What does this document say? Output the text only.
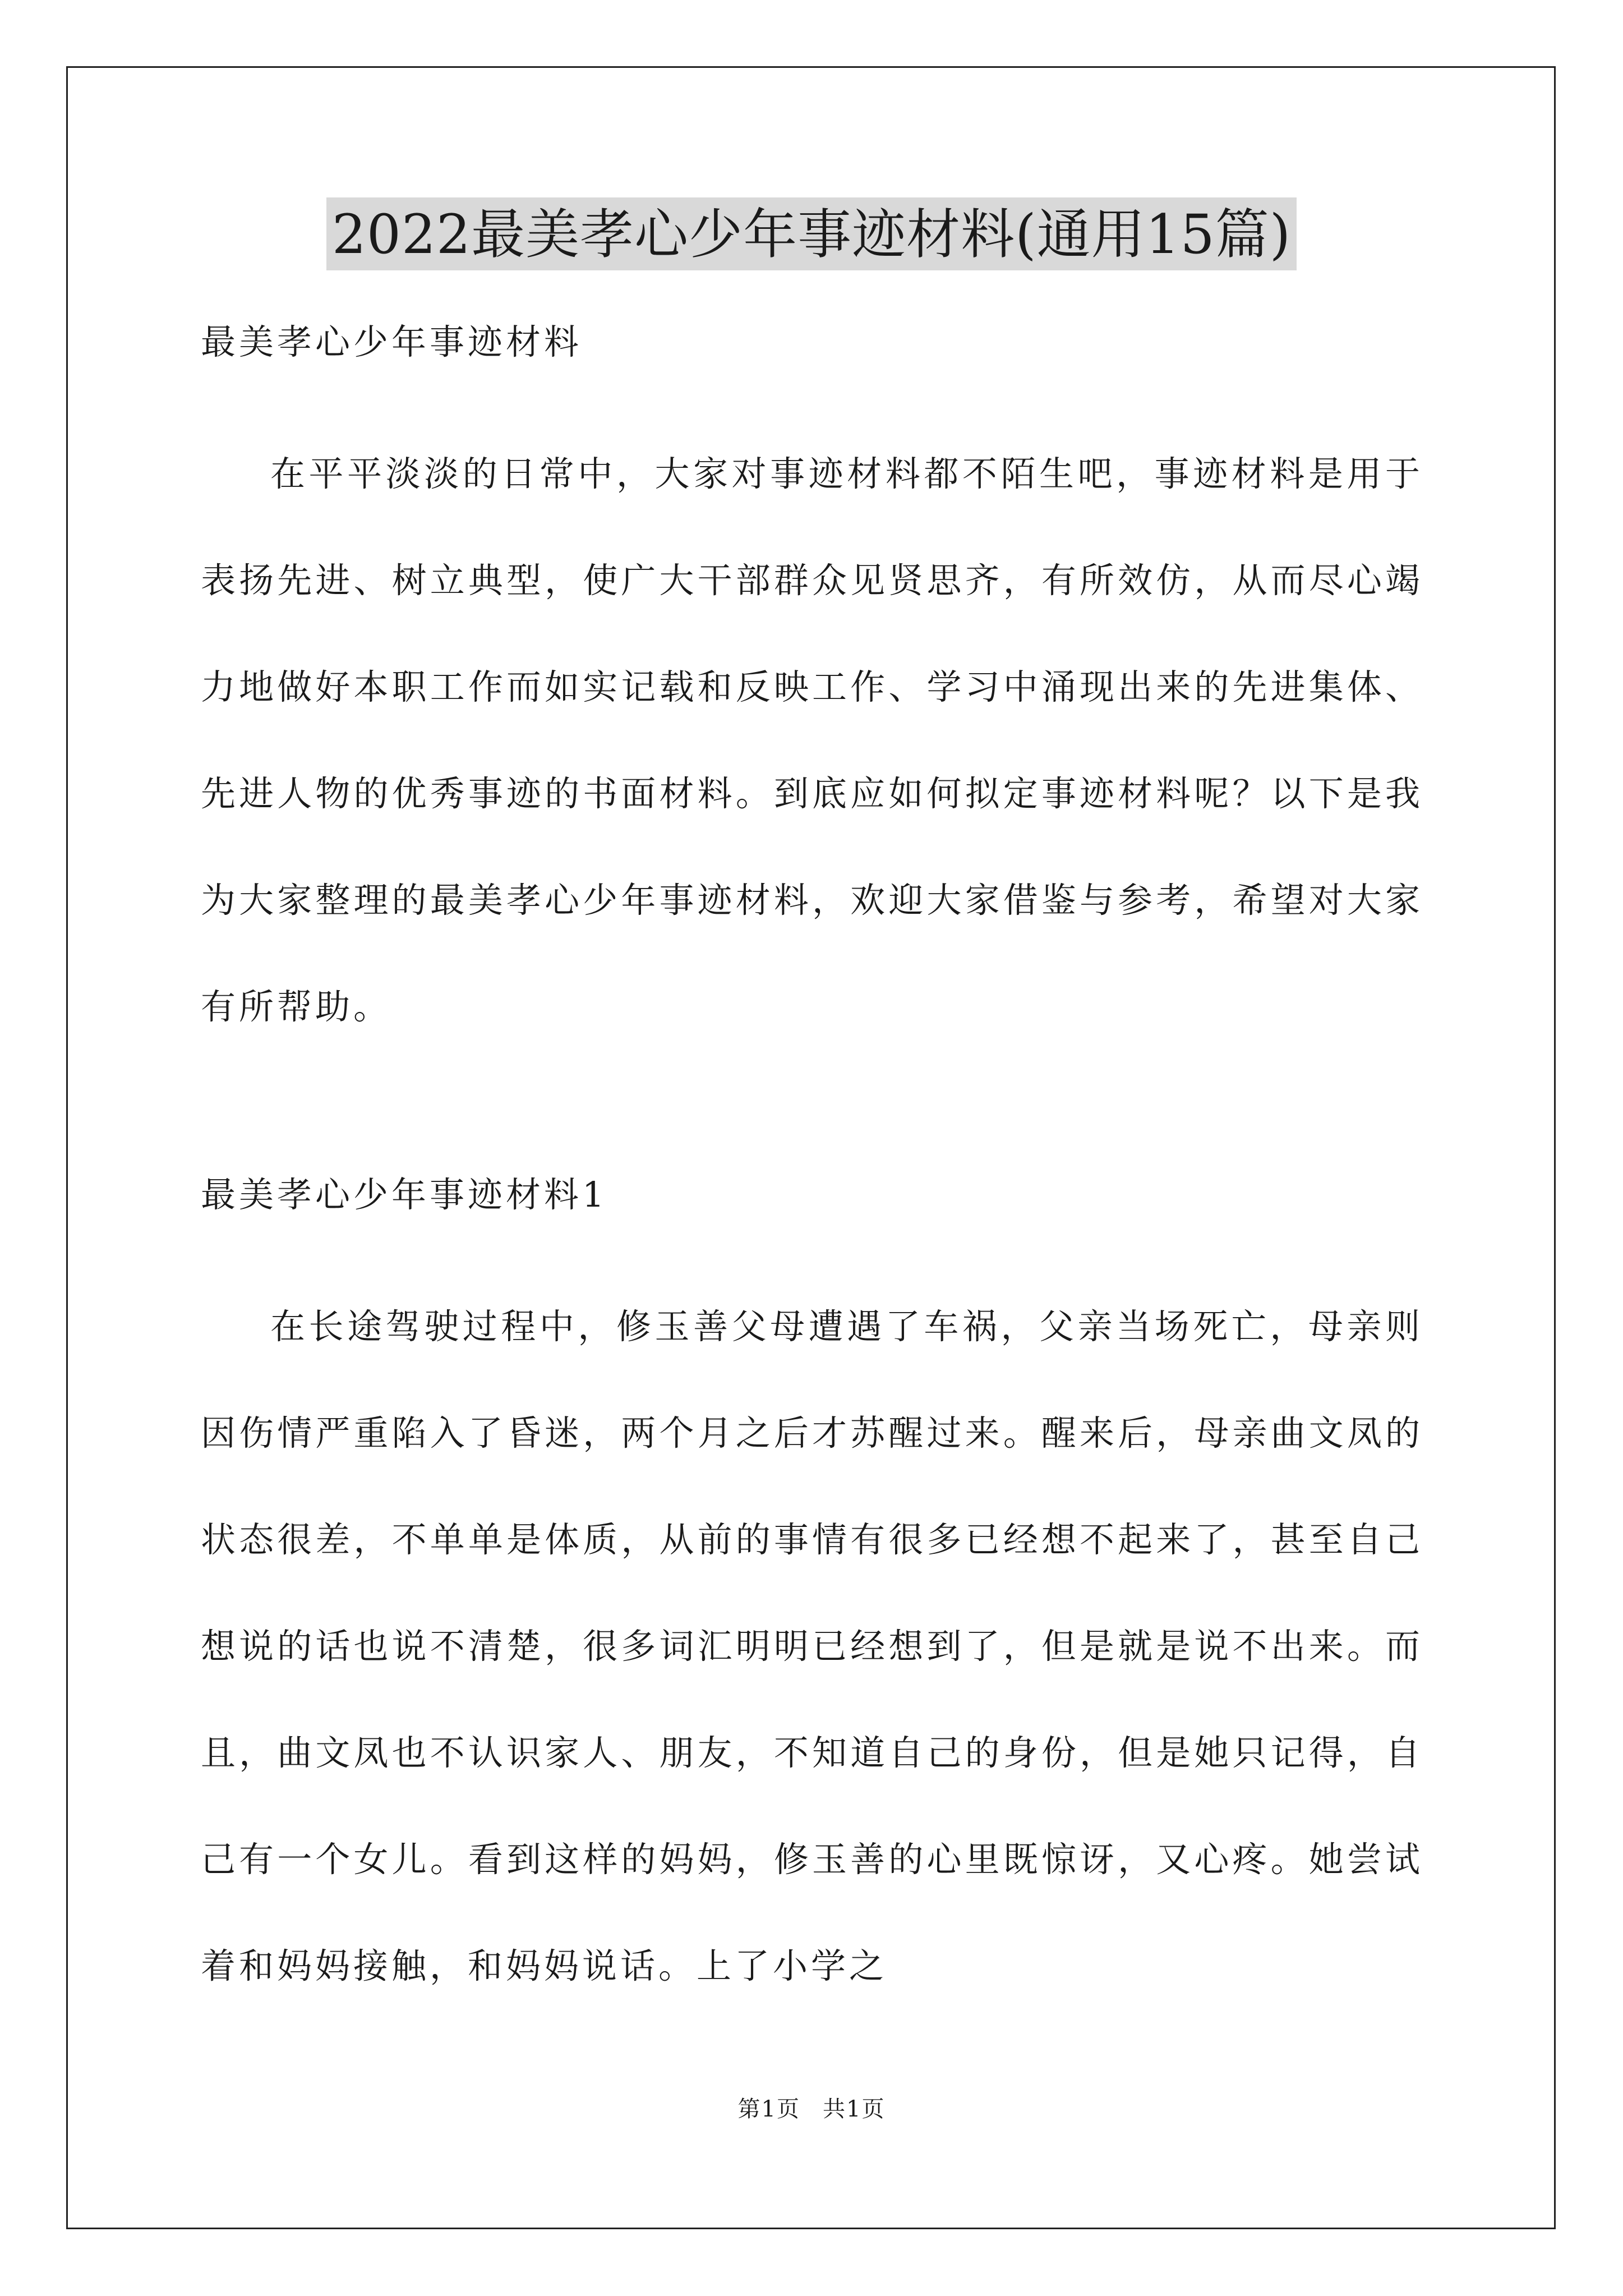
2022最美孝心少年事迹材料(通用15篇)
最美孝心少年事迹材料

在平平淡淡的日常中，大家对事迹材料都不陌生吧，事迹材料是用于表扬先进、树立典型，使广大干部群众见贤思齐，有所效仿，从而尽心竭力地做好本职工作而如实记载和反映工作、学习中涌现出来的先进集体、先进人物的优秀事迹的书面材料。到底应如何拟定事迹材料呢？以下是我为大家整理的最美孝心少年事迹材料，欢迎大家借鉴与参考，希望对大家有所帮助。

最美孝心少年事迹材料1

在长途驾驶过程中，修玉善父母遭遇了车祸，父亲当场死亡，母亲则因伤情严重陷入了昏迷，两个月之后才苏醒过来。醒来后，母亲曲文凤的状态很差，不单单是体质，从前的事情有很多已经想不起来了，甚至自己想说的话也说不清楚，很多词汇明明已经想到了，但是就是说不出来。而且，曲文凤也不认识家人、朋友，不知道自己的身份，但是她只记得，自己有一个女儿。看到这样的妈妈，修玉善的心里既惊讶，又心疼。她尝试着和妈妈接触，和妈妈说话。上了小学之

第1页 共1页
